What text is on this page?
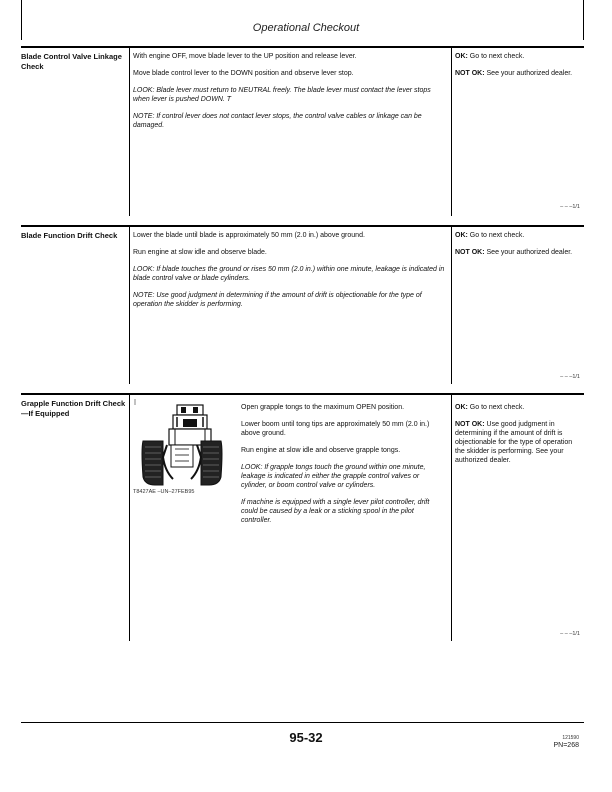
Operational Checkout
Blade Control Valve Linkage Check

With engine OFF, move blade lever to the UP position and release lever.

Move blade control lever to the DOWN position and observe lever stop.

LOOK: Blade lever must return to NEUTRAL freely. The blade lever must contact the lever stops when lever is pushed DOWN. T

NOTE: If control lever does not contact lever stops, the control valve cables or linkage can be damaged.

OK: Go to next check.

NOT OK: See your authorized dealer.

– – –1/1
Blade Function Drift Check	Lower the blade until blade is approximately 50 mm (2.0 in.) above ground.

Run engine at slow idle and observe blade.

LOOK: If blade touches the ground or rises 50 mm (2.0 in.) within one minute, leakage is indicated in blade control valve or blade cylinders.

NOTE: Use good judgment in determining if the amount of drift is objectionable for the type of operation the skidder is performing.

OK: Go to next check.

NOT OK: See your authorized dealer.

– – –1/1
Grapple Function Drift Check—If Equipped
T8427AE –UN–27FEB95

Open grapple tongs to the maximum OPEN position.

Lower boom until tong tips are approximately 50 mm (2.0 in.) above ground.

Run engine at slow idle and observe grapple tongs.

LOOK: If grapple tongs touch the ground within one minute, leakage is indicated in either the grapple control valves or cylinder, or boom control valve or cylinders.

If machine is equipped with a single lever pilot controller, drift could be caused by a leak or a sticking spool in the pilot controller.

OK: Go to next check.

NOT OK: Use good judgment in determining if the amount of drift is objectionable for the type of operation the skidder is performing. See your authorized dealer.

– – –1/1
95-32	121590
PN=268
